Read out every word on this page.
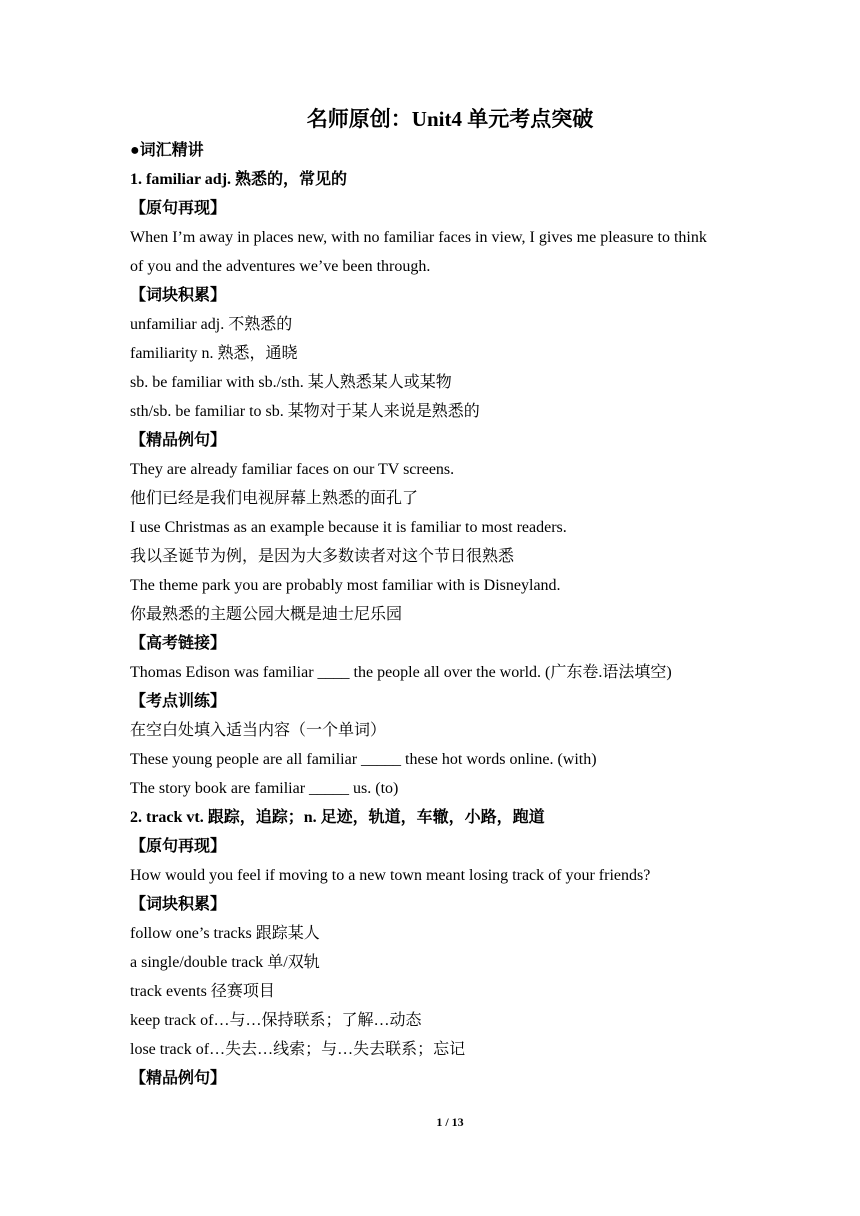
名师原创：Unit4 单元考点突破
●词汇精讲
1. familiar adj. 熟悉的，常见的
【原句再现】
When I’m away in places new, with no familiar faces in view, I gives me pleasure to think
of you and the adventures we’ve been through.
【词块积累】
unfamiliar adj. 不熟悉的
familiarity n. 熟悉，通晓
sb. be familiar with sb./sth. 某人熟悉某人或某物
sth/sb. be familiar to sb. 某物对于某人来说是熟悉的
【精品例句】
They are already familiar faces on our TV screens.
他们已经是我们电视屏幕上熟悉的面孔了
I use Christmas as an example because it is familiar to most readers.
我以圣诞节为例，是因为大多数读者对这个节日很熟悉
The theme park you are probably most familiar with is Disneyland.
你最熟悉的主题公园大概是迪士尼乐园
【高考链接】
Thomas Edison was familiar ____ the people all over the world. (广东卷.语法填空)
【考点训练】
在空白处填入适当内容（一个单词）
These young people are all familiar _____ these hot words online. (with)
The story book are familiar _____ us. (to)
2. track vt. 跟踪，追踪；n. 足迹，轨道，车辙，小路，跑道
【原句再现】
How would you feel if moving to a new town meant losing track of your friends?
【词块积累】
follow one’s tracks 跟踪某人
a single/double track 单/双轨
track events 径赛项目
keep track of…与…保持联系；了解…动态
lose track of…失去…线索；与…失去联系；忘记
【精品例句】
1 / 13
